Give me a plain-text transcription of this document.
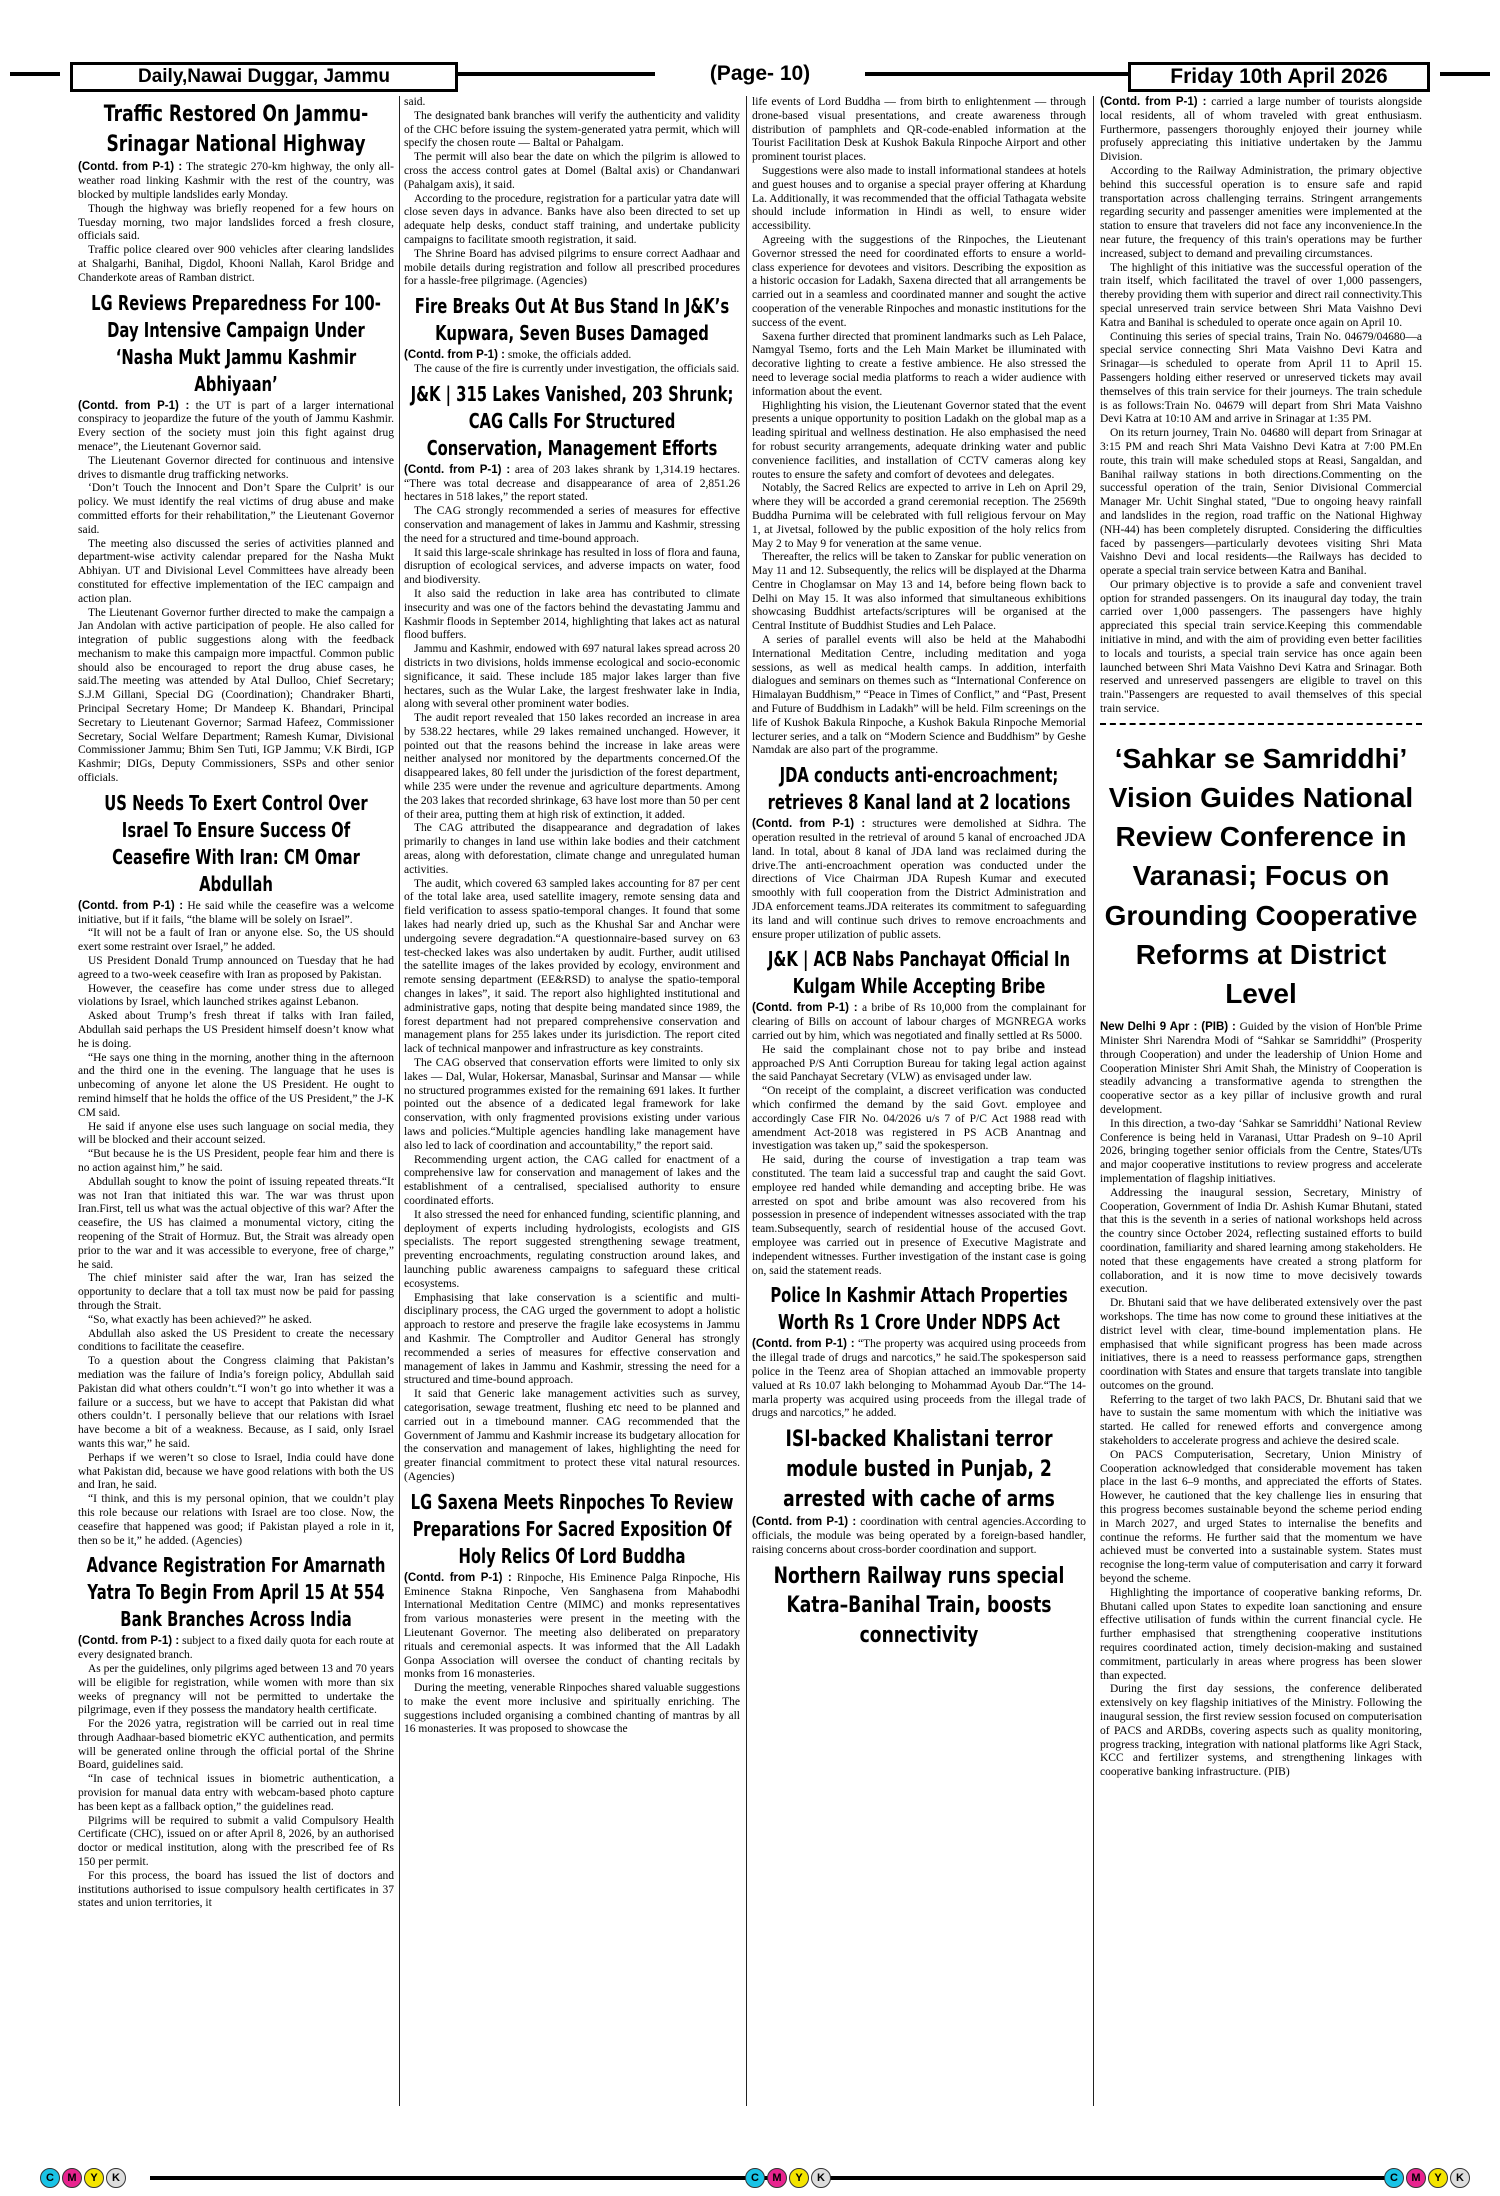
Daily,Nawai Duggar, Jammu	(Page- 10)	Friday 10th April 2026
Traffic Restored On Jammu-Srinagar National Highway

(Contd. from P-1) : The strategic 270-km highway, the only all-weather road linking Kashmir with the rest of the country, was blocked by multiple landslides early Monday.

Though the highway was briefly reopened for a few hours on Tuesday morning, two major landslides forced a fresh closure, officials said.

Traffic police cleared over 900 vehicles after clearing landslides at Shalgarhi, Banihal, Digdol, Khooni Nallah, Karol Bridge and Chanderkote areas of Ramban district.

LG Reviews Preparedness For 100-Day Intensive Campaign Under ‘Nasha Mukt Jammu Kashmir Abhiyaan’

(Contd. from P-1) : the UT is part of a larger international conspiracy to jeopardize the future of the youth of Jammu Kashmir. Every section of the society must join this fight against drug menace”, the Lieutenant Governor said.

The Lieutenant Governor directed for continuous and intensive drives to dismantle drug trafficking networks.

‘Don’t Touch the Innocent and Don’t Spare the Culprit’ is our policy. We must identify the real victims of drug abuse and make committed efforts for their rehabilitation,” the Lieutenant Governor said.

The meeting also discussed the series of activities planned and department-wise activity calendar prepared for the Nasha Mukt Abhiyan. UT and Divisional Level Committees have already been constituted for effective implementation of the IEC campaign and action plan.

The Lieutenant Governor further directed to make the campaign a Jan Andolan with active participation of people. He also called for integration of public suggestions along with the feedback mechanism to make this campaign more impactful. Common public should also be encouraged to report the drug abuse cases, he said.The meeting was attended by Atal Dulloo, Chief Secretary; S.J.M Gillani, Special DG (Coordination); Chandraker Bharti, Principal Secretary Home; Dr Mandeep K. Bhandari, Principal Secretary to Lieutenant Governor; Sarmad Hafeez, Commissioner Secretary, Social Welfare Department; Ramesh Kumar, Divisional Commissioner Jammu; Bhim Sen Tuti, IGP Jammu; V.K Birdi, IGP Kashmir; DIGs, Deputy Commissioners, SSPs and other senior officials.

US Needs To Exert Control Over Israel To Ensure Success Of Ceasefire With Iran: CM Omar Abdullah

(Contd. from P-1) : He said while the ceasefire was a welcome initiative, but if it fails, “the blame will be solely on Israel”.

“It will not be a fault of Iran or anyone else. So, the US should exert some restraint over Israel,” he added.

US President Donald Trump announced on Tuesday that he had agreed to a two-week ceasefire with Iran as proposed by Pakistan.

However, the ceasefire has come under stress due to alleged violations by Israel, which launched strikes against Lebanon.

Asked about Trump’s fresh threat if talks with Iran failed, Abdullah said perhaps the US President himself doesn’t know what he is doing.

“He says one thing in the morning, another thing in the afternoon and the third one in the evening. The language that he uses is unbecoming of anyone let alone the US President. He ought to remind himself that he holds the office of the US President,” the J-K CM said.

He said if anyone else uses such language on social media, they will be blocked and their account seized.

“But because he is the US President, people fear him and there is no action against him,” he said.

Abdullah sought to know the point of issuing repeated threats.“It was not Iran that initiated this war. The war was thrust upon Iran.First, tell us what was the actual objective of this war? After the ceasefire, the US has claimed a monumental victory, citing the reopening of the Strait of Hormuz. But, the Strait was already open prior to the war and it was accessible to everyone, free of charge,” he said.

The chief minister said after the war, Iran has seized the opportunity to declare that a toll tax must now be paid for passing through the Strait.

“So, what exactly has been achieved?” he asked.

Abdullah also asked the US President to create the necessary conditions to facilitate the ceasefire.

To a question about the Congress claiming that Pakistan’s mediation was the failure of India’s foreign policy, Abdullah said Pakistan did what others couldn’t.“I won’t go into whether it was a failure or a success, but we have to accept that Pakistan did what others couldn’t. I personally believe that our relations with Israel have become a bit of a weakness. Because, as I said, only Israel wants this war,” he said.

Perhaps if we weren’t so close to Israel, India could have done what Pakistan did, because we have good relations with both the US and Iran, he said.

“I think, and this is my personal opinion, that we couldn’t play this role because our relations with Israel are too close. Now, the ceasefire that happened was good; if Pakistan played a role in it, then so be it,” he added. (Agencies)

Advance Registration For Amarnath Yatra To Begin From April 15 At 554 Bank Branches Across India

(Contd. from P-1) : subject to a fixed daily quota for each route at every designated branch.

As per the guidelines, only pilgrims aged between 13 and 70 years will be eligible for registration, while women with more than six weeks of pregnancy will not be permitted to undertake the pilgrimage, even if they possess the mandatory health certificate.

For the 2026 yatra, registration will be carried out in real time through Aadhaar-based biometric eKYC authentication, and permits will be generated online through the official portal of the Shrine Board, guidelines said.

“In case of technical issues in biometric authentication, a provision for manual data entry with webcam-based photo capture has been kept as a fallback option,” the guidelines read.

Pilgrims will be required to submit a valid Compulsory Health Certificate (CHC), issued on or after April 8, 2026, by an authorised doctor or medical institution, along with the prescribed fee of Rs 150 per permit.

For this process, the board has issued the list of doctors and institutions authorised to issue compulsory health certificates in 37 states and union territories, it

said.

The designated bank branches will verify the authenticity and validity of the CHC before issuing the system-generated yatra permit, which will specify the chosen route — Baltal or Pahalgam.

The permit will also bear the date on which the pilgrim is allowed to cross the access control gates at Domel (Baltal axis) or Chandanwari (Pahalgam axis), it said.

According to the procedure, registration for a particular yatra date will close seven days in advance. Banks have also been directed to set up adequate help desks, conduct staff training, and undertake publicity campaigns to facilitate smooth registration, it said.

The Shrine Board has advised pilgrims to ensure correct Aadhaar and mobile details during registration and follow all prescribed procedures for a hassle-free pilgrimage. (Agencies)

Fire Breaks Out At Bus Stand In J&K’s Kupwara, Seven Buses Damaged

(Contd. from P-1) : smoke, the officials added.

The cause of the fire is currently under investigation, the officials said.

J&K | 315 Lakes Vanished, 203 Shrunk; CAG Calls For Structured Conservation, Management Efforts

(Contd. from P-1) : area of 203 lakes shrank by 1,314.19 hectares. “There was total decrease and disappearance of area of 2,851.26 hectares in 518 lakes,” the report stated.

The CAG strongly recommended a series of measures for effective conservation and management of lakes in Jammu and Kashmir, stressing the need for a structured and time-bound approach.

It said this large-scale shrinkage has resulted in loss of flora and fauna, disruption of ecological services, and adverse impacts on water, food and biodiversity.

It also said the reduction in lake area has contributed to climate insecurity and was one of the factors behind the devastating Jammu and Kashmir floods in September 2014, highlighting that lakes act as natural flood buffers.

Jammu and Kashmir, endowed with 697 natural lakes spread across 20 districts in two divisions, holds immense ecological and socio-economic significance, it said. These include 185 major lakes larger than five hectares, such as the Wular Lake, the largest freshwater lake in India, along with several other prominent water bodies.

The audit report revealed that 150 lakes recorded an increase in area by 538.22 hectares, while 29 lakes remained unchanged. However, it pointed out that the reasons behind the increase in lake areas were neither analysed nor monitored by the departments concerned.Of the disappeared lakes, 80 fell under the jurisdiction of the forest department, while 235 were under the revenue and agriculture departments. Among the 203 lakes that recorded shrinkage, 63 have lost more than 50 per cent of their area, putting them at high risk of extinction, it added.

The CAG attributed the disappearance and degradation of lakes primarily to changes in land use within lake bodies and their catchment areas, along with deforestation, climate change and unregulated human activities.

The audit, which covered 63 sampled lakes accounting for 87 per cent of the total lake area, used satellite imagery, remote sensing data and field verification to assess spatio-temporal changes. It found that some lakes had nearly dried up, such as the Khushal Sar and Anchar were undergoing severe degradation.“A questionnaire-based survey on 63 test-checked lakes was also undertaken by audit. Further, audit utilised the satellite images of the lakes provided by ecology, environment and remote sensing department (EE&RSD) to analyse the spatio-temporal changes in lakes”, it said. The report also highlighted institutional and administrative gaps, noting that despite being mandated since 1989, the forest department had not prepared comprehensive conservation and management plans for 255 lakes under its jurisdiction. The report cited lack of technical manpower and infrastructure as key constraints.

The CAG observed that conservation efforts were limited to only six lakes — Dal, Wular, Hokersar, Manasbal, Surinsar and Mansar — while no structured programmes existed for the remaining 691 lakes. It further pointed out the absence of a dedicated legal framework for lake conservation, with only fragmented provisions existing under various laws and policies.“Multiple agencies handling lake management have also led to lack of coordination and accountability,” the report said.

Recommending urgent action, the CAG called for enactment of a comprehensive law for conservation and management of lakes and the establishment of a centralised, specialised authority to ensure coordinated efforts.

It also stressed the need for enhanced funding, scientific planning, and deployment of experts including hydrologists, ecologists and GIS specialists. The report suggested strengthening sewage treatment, preventing encroachments, regulating construction around lakes, and launching public awareness campaigns to safeguard these critical ecosystems.

Emphasising that lake conservation is a scientific and multi-disciplinary process, the CAG urged the government to adopt a holistic approach to restore and preserve the fragile lake ecosystems in Jammu and Kashmir. The Comptroller and Auditor General has strongly recommended a series of measures for effective conservation and management of lakes in Jammu and Kashmir, stressing the need for a structured and time-bound approach.

It said that Generic lake management activities such as survey, categorisation, sewage treatment, flushing etc need to be planned and carried out in a timebound manner. CAG recommended that the Government of Jammu and Kashmir increase its budgetary allocation for the conservation and management of lakes, highlighting the need for greater financial commitment to protect these vital natural resources. (Agencies)

LG Saxena Meets Rinpoches To Review Preparations For Sacred Exposition Of Holy Relics Of Lord Buddha

(Contd. from P-1) : Rinpoche, His Eminence Palga Rinpoche, His Eminence Stakna Rinpoche, Ven Sanghasena from Mahabodhi International Meditation Centre (MIMC) and monks representatives from various monasteries were present in the meeting with the Lieutenant Governor. The meeting also deliberated on preparatory rituals and ceremonial aspects. It was informed that the All Ladakh Gonpa Association will oversee the conduct of chanting recitals by monks from 16 monasteries.

During the meeting, venerable Rinpoches shared valuable suggestions to make the event more inclusive and spiritually enriching. The suggestions included organising a combined chanting of mantras by all 16 monasteries. It was proposed to showcase the

life events of Lord Buddha — from birth to enlightenment — through drone-based visual presentations, and create awareness through distribution of pamphlets and QR-code-enabled information at the Tourist Facilitation Desk at Kushok Bakula Rinpoche Airport and other prominent tourist places.

Suggestions were also made to install informational standees at hotels and guest houses and to organise a special prayer offering at Khardung La. Additionally, it was recommended that the official Tathagata website should include information in Hindi as well, to ensure wider accessibility.

Agreeing with the suggestions of the Rinpoches, the Lieutenant Governor stressed the need for coordinated efforts to ensure a world-class experience for devotees and visitors. Describing the exposition as a historic occasion for Ladakh, Saxena directed that all arrangements be carried out in a seamless and coordinated manner and sought the active cooperation of the venerable Rinpoches and monastic institutions for the success of the event.

Saxena further directed that prominent landmarks such as Leh Palace, Namgyal Tsemo, forts and the Leh Main Market be illuminated with decorative lighting to create a festive ambience. He also stressed the need to leverage social media platforms to reach a wider audience with information about the event.

Highlighting his vision, the Lieutenant Governor stated that the event presents a unique opportunity to position Ladakh on the global map as a leading spiritual and wellness destination. He also emphasised the need for robust security arrangements, adequate drinking water and public convenience facilities, and installation of CCTV cameras along key routes to ensure the safety and comfort of devotees and delegates.

Notably, the Sacred Relics are expected to arrive in Leh on April 29, where they will be accorded a grand ceremonial reception. The 2569th Buddha Purnima will be celebrated with full religious fervour on May 1, at Jivetsal, followed by the public exposition of the holy relics from May 2 to May 9 for veneration at the same venue.

Thereafter, the relics will be taken to Zanskar for public veneration on May 11 and 12. Subsequently, the relics will be displayed at the Dharma Centre in Choglamsar on May 13 and 14, before being flown back to Delhi on May 15. It was also informed that simultaneous exhibitions showcasing Buddhist artefacts/scriptures will be organised at the Central Institute of Buddhist Studies and Leh Palace.

A series of parallel events will also be held at the Mahabodhi International Meditation Centre, including meditation and yoga sessions, as well as medical health camps. In addition, interfaith dialogues and seminars on themes such as “International Conference on Himalayan Buddhism,” “Peace in Times of Conflict,” and “Past, Present and Future of Buddhism in Ladakh” will be held. Film screenings on the life of Kushok Bakula Rinpoche, a Kushok Bakula Rinpoche Memorial lecturer series, and a talk on “Modern Science and Buddhism” by Geshe Namdak are also part of the programme.

JDA conducts anti-encroachment; retrieves 8 Kanal land at 2 locations

(Contd. from P-1) : structures were demolished at Sidhra. The operation resulted in the retrieval of around 5 kanal of encroached JDA land. In total, about 8 kanal of JDA land was reclaimed during the drive.The anti-encroachment operation was conducted under the directions of Vice Chairman JDA Rupesh Kumar and executed smoothly with full cooperation from the District Administration and JDA enforcement teams.JDA reiterates its commitment to safeguarding its land and will continue such drives to remove encroachments and ensure proper utilization of public assets.

J&K | ACB Nabs Panchayat Official In Kulgam While Accepting Bribe

(Contd. from P-1) : a bribe of Rs 10,000 from the complainant for clearing of Bills on account of labour charges of MGNREGA works carried out by him, which was negotiated and finally settled at Rs 5000.

He said the complainant chose not to pay bribe and instead approached P/S Anti Corruption Bureau for taking legal action against the said Panchayat Secretary (VLW) as envisaged under law.

“On receipt of the complaint, a discreet verification was conducted which confirmed the demand by the said Govt. employee and accordingly Case FIR No. 04/2026 u/s 7 of P/C Act 1988 read with amendment Act-2018 was registered in PS ACB Anantnag and investigation was taken up,” said the spokesperson.

He said, during the course of investigation a trap team was constituted. The team laid a successful trap and caught the said Govt. employee red handed while demanding and accepting bribe. He was arrested on spot and bribe amount was also recovered from his possession in presence of independent witnesses associated with the trap team.Subsequently, search of residential house of the accused Govt. employee was carried out in presence of Executive Magistrate and independent witnesses. Further investigation of the instant case is going on, said the statement reads.

Police In Kashmir Attach Properties Worth Rs 1 Crore Under NDPS Act

(Contd. from P-1) : “The property was acquired using proceeds from the illegal trade of drugs and narcotics,” he said.The spokesperson said police in the Teenz area of Shopian attached an immovable property valued at Rs 10.07 lakh belonging to Mohammad Ayoub Dar.“The 14-marla property was acquired using proceeds from the illegal trade of drugs and narcotics,” he added.

ISI-backed Khalistani terror module busted in Punjab, 2 arrested with cache of arms

(Contd. from P-1) : coordination with central agencies.According to officials, the module was being operated by a foreign-based handler, raising concerns about cross-border coordination and support.

Northern Railway runs special Katra–Banihal Train, boosts connectivity

(Contd. from P-1) : carried a large number of tourists alongside local residents, all of whom traveled with great enthusiasm. Furthermore, passengers thoroughly enjoyed their journey while profusely appreciating this initiative undertaken by the Jammu Division.

According to the Railway Administration, the primary objective behind this successful operation is to ensure safe and rapid transportation across challenging terrains. Stringent arrangements regarding security and passenger amenities were implemented at the station to ensure that travelers did not face any inconvenience.In the near future, the frequency of this train's operations may be further increased, subject to demand and prevailing circumstances.

The highlight of this initiative was the successful operation of the train itself, which facilitated the travel of over 1,000 passengers, thereby providing them with superior and direct rail connectivity.This special unreserved train service between Shri Mata Vaishno Devi Katra and Banihal is scheduled to operate once again on April 10.

Continuing this series of special trains, Train No. 04679/04680—a special service connecting Shri Mata Vaishno Devi Katra and Srinagar—is scheduled to operate from April 11 to April 15. Passengers holding either reserved or unreserved tickets may avail themselves of this train service for their journeys. The train schedule is as follows:Train No. 04679 will depart from Shri Mata Vaishno Devi Katra at 10:10 AM and arrive in Srinagar at 1:35 PM.

On its return journey, Train No. 04680 will depart from Srinagar at 3:15 PM and reach Shri Mata Vaishno Devi Katra at 7:00 PM.En route, this train will make scheduled stops at Reasi, Sangaldan, and Banihal railway stations in both directions.Commenting on the successful operation of the train, Senior Divisional Commercial Manager Mr. Uchit Singhal stated, "Due to ongoing heavy rainfall and landslides in the region, road traffic on the National Highway (NH-44) has been completely disrupted. Considering the difficulties faced by passengers—particularly devotees visiting Shri Mata Vaishno Devi and local residents—the Railways has decided to operate a special train service between Katra and Banihal.

Our primary objective is to provide a safe and convenient travel option for stranded passengers. On its inaugural day today, the train carried over 1,000 passengers. The passengers have highly appreciated this special train service.Keeping this commendable initiative in mind, and with the aim of providing even better facilities to locals and tourists, a special train service has once again been launched between Shri Mata Vaishno Devi Katra and Srinagar. Both reserved and unreserved passengers are eligible to travel on this train."Passengers are requested to avail themselves of this special train service.

‘Sahkar se Samriddhi’ Vision Guides National Review Conference in Varanasi; Focus on Grounding Cooperative Reforms at District Level

New Delhi 9 Apr : (PIB) : Guided by the vision of Hon'ble Prime Minister Shri Narendra Modi of “Sahkar se Samriddhi” (Prosperity through Cooperation) and under the leadership of Union Home and Cooperation Minister Shri Amit Shah, the Ministry of Cooperation is steadily advancing a transformative agenda to strengthen the cooperative sector as a key pillar of inclusive growth and rural development.

In this direction, a two-day ‘Sahkar se Samriddhi’ National Review Conference is being held in Varanasi, Uttar Pradesh on 9–10 April 2026, bringing together senior officials from the Centre, States/UTs and major cooperative institutions to review progress and accelerate implementation of flagship initiatives.

Addressing the inaugural session, Secretary, Ministry of Cooperation, Government of India Dr. Ashish Kumar Bhutani, stated that this is the seventh in a series of national workshops held across the country since October 2024, reflecting sustained efforts to build coordination, familiarity and shared learning among stakeholders. He noted that these engagements have created a strong platform for collaboration, and it is now time to move decisively towards execution.

Dr. Bhutani said that we have deliberated extensively over the past workshops. The time has now come to ground these initiatives at the district level with clear, time-bound implementation plans. He emphasised that while significant progress has been made across initiatives, there is a need to reassess performance gaps, strengthen coordination with States and ensure that targets translate into tangible outcomes on the ground.

Referring to the target of two lakh PACS, Dr. Bhutani said that we have to sustain the same momentum with which the initiative was started. He called for renewed efforts and convergence among stakeholders to accelerate progress and achieve the desired scale.

On PACS Computerisation, Secretary, Union Ministry of Cooperation acknowledged that considerable movement has taken place in the last 6–9 months, and appreciated the efforts of States. However, he cautioned that the key challenge lies in ensuring that this progress becomes sustainable beyond the scheme period ending in March 2027, and urged States to internalise the benefits and continue the reforms. He further said that the momentum we have achieved must be converted into a sustainable system. States must recognise the long-term value of computerisation and carry it forward beyond the scheme.

Highlighting the importance of cooperative banking reforms, Dr. Bhutani called upon States to expedite loan sanctioning and ensure effective utilisation of funds within the current financial cycle. He further emphasised that strengthening cooperative institutions requires coordinated action, timely decision-making and sustained commitment, particularly in areas where progress has been slower than expected.

During the first day sessions, the conference deliberated extensively on key flagship initiatives of the Ministry. Following the inaugural session, the first review session focused on computerisation of PACS and ARDBs, covering aspects such as quality monitoring, progress tracking, integration with national platforms like Agri Stack, KCC and fertilizer systems, and strengthening linkages with cooperative banking infrastructure. (PIB)

C	M	Y	K	C	M	Y	K	C	M	Y	K
